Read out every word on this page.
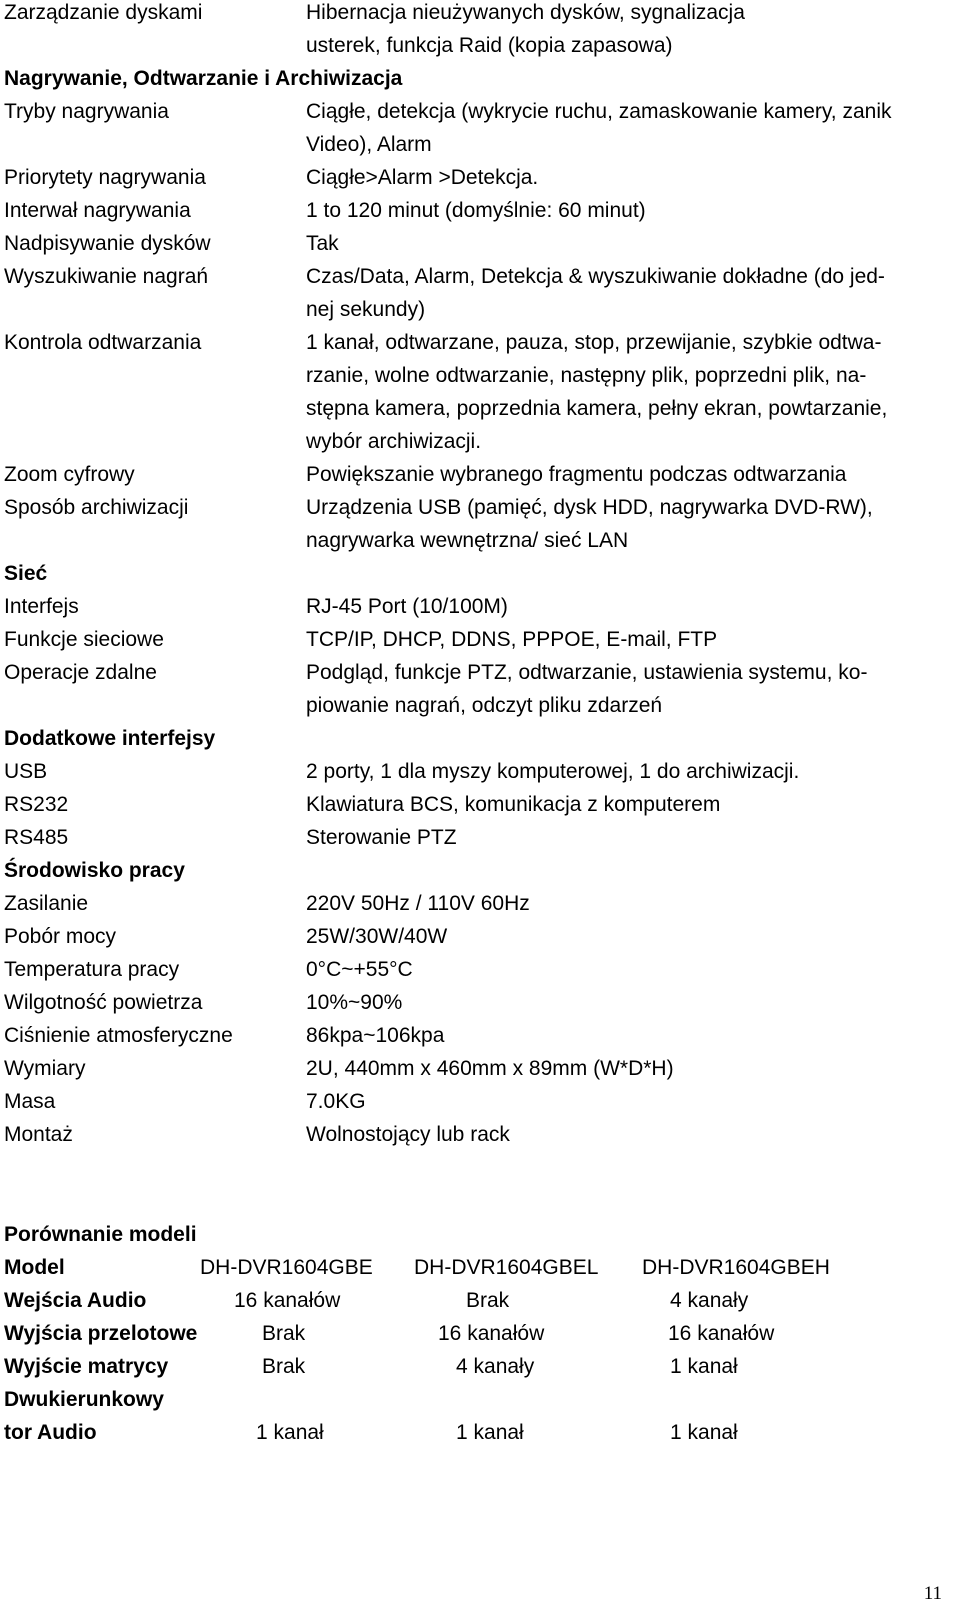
Zarządzanie dyskami	Hibernacja nieużywanych dysków, sygnalizacja
usterek, funkcja Raid (kopia zapasowa)
Nagrywanie, Odtwarzanie i Archiwizacja
Tryby nagrywania	Ciągłe, detekcja (wykrycie ruchu, zamaskowanie kamery, zanik
Video), Alarm
Priorytety nagrywania	Ciągłe>Alarm >Detekcja.
Interwał nagrywania	1 to 120 minut (domyślnie: 60 minut)
Nadpisywanie dysków	Tak
Wyszukiwanie nagrań	Czas/Data, Alarm, Detekcja & wyszukiwanie dokładne (do jed-
nej sekundy)
Kontrola odtwarzania	1 kanał, odtwarzane, pauza, stop, przewijanie, szybkie odtwa-
rzanie, wolne odtwarzanie, następny plik, poprzedni plik, na-
stępna kamera, poprzednia kamera, pełny ekran, powtarzanie,
wybór archiwizacji.
Zoom cyfrowy	Powiększanie wybranego fragmentu podczas odtwarzania
Sposób archiwizacji	Urządzenia USB (pamięć, dysk HDD, nagrywarka DVD-RW),
nagrywarka wewnętrzna/ sieć LAN
Sieć
Interfejs	RJ-45 Port (10/100M)
Funkcje sieciowe	TCP/IP, DHCP, DDNS, PPPOE, E-mail, FTP
Operacje zdalne	Podgląd, funkcje PTZ, odtwarzanie, ustawienia systemu, ko-
piowanie nagrań, odczyt pliku zdarzeń
Dodatkowe interfejsy
USB	2 porty, 1 dla myszy komputerowej, 1 do archiwizacji.
RS232	Klawiatura BCS, komunikacja z komputerem
RS485	Sterowanie PTZ
Środowisko pracy
Zasilanie	220V 50Hz / 110V 60Hz
Pobór mocy	25W/30W/40W
Temperatura pracy	0°C~+55°C
Wilgotność powietrza	10%~90%
Ciśnienie atmosferyczne	86kpa~106kpa
Wymiary	2U, 440mm x 460mm x 89mm (W*D*H)
Masa	7.0KG
Montaż	Wolnostojący lub rack
Porównanie modeli
Model	DH-DVR1604GBE DH-DVR1604GBEL DH-DVR1604GBEH
Wejścia Audio	16 kanałów	Brak	4 kanały
Wyjścia przelotowe	Brak	16 kanałów	16 kanałów
Wyjście matrycy	Brak	4 kanały	1 kanał
Dwukierunkowy
tor Audio	1 kanał	1 kanał	1 kanał
11
